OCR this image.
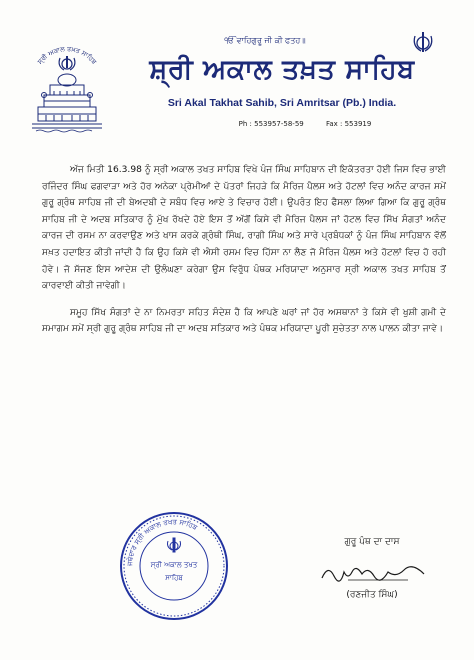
ੴ ਵਾਹਿਗੁਰੂ ਜੀ ਕੀ ਫਤਹ॥
ਸ੍ਰੀ ਅਕਾਲ ਤਖ਼ਤ ਸਾਹਿਬ	ਸ਼੍ਰੀ ਅਕਾਲ ਤਖ਼ਤ ਸਾਹਿਬ
Sri Akal Takhat Sahib, Sri Amritsar (Pb.) India.
Ph : 553957-58-59	Fax : 553919

ਅੱਜ ਮਿਤੀ 16.3.98 ਨੂੰ ਸ੍ਰੀ ਅਕਾਲ ਤਖਤ ਸਾਹਿਬ ਵਿਖੇ ਪੰਜ ਸਿੰਘ ਸਾਹਿਬਾਨ ਦੀ ਇਕੱਤਰਤਾ ਹੋਈ ਜਿਸ ਵਿਚ ਭਾਈ ਰਜਿੰਦਰ ਸਿੰਘ ਫਗਵਾੜਾ ਅਤੇ ਹੋਰ ਅਨੇਕਾ ਪ੍ਰੇਮੀਆਂ ਦੇ ਪੱਤਰਾਂ ਜਿਹੜੇ ਕਿ ਮੈਰਿਜ ਪੈਲਸ ਅਤੇ ਹੋਟਲਾਂ ਵਿਚ ਅਨੰਦ ਕਾਰਜ ਸਮੇਂ ਗੁਰੂ ਗ੍ਰੰਥ ਸਾਹਿਬ ਜੀ ਦੀ ਬੇਅਦਬੀ ਦੇ ਸਬੰਧ ਵਿਚ ਆਏ ਤੇ ਵਿਚਾਰ ਹੋਈ। ਉਪਰੰਤ ਇਹ ਫੈਸਲਾ ਲਿਆ ਗਿਆ ਕਿ ਗੁਰੂ ਗ੍ਰੰਥ ਸਾਹਿਬ ਜੀ ਦੇ ਅਦਬ ਸਤਿਕਾਰ ਨੂੰ ਮੁੱਖ ਰੱਖਦੇ ਹੋਏ ਇਸ ਤੋਂ ਅੱਗੋਂ ਕਿਸੇ ਵੀ ਮੈਰਿਜ ਪੈਲਸ ਜਾਂ ਹੋਟਲ ਵਿਚ ਸਿੱਖ ਸੰਗਤਾਂ ਅਨੰਦ ਕਾਰਜ ਦੀ ਰਸਮ ਨਾ ਕਰਵਾਉਣ ਅਤੇ ਖਾਸ ਕਰਕੇ ਗ੍ਰੰਥੀ ਸਿੰਘ, ਰਾਗੀ ਸਿੰਘ ਅਤੇ ਸਾਰੇ ਪ੍ਰਬੰਧਕਾਂ ਨੂੰ ਪੰਜ ਸਿੰਘ ਸਾਹਿਬਾਨ ਵੱਲੋਂ ਸਖ਼ਤ ਹਦਾਇਤ ਕੀਤੀ ਜਾਂਦੀ ਹੈ ਕਿ ਉਹ ਕਿਸੇ ਵੀ ਐਸੀ ਰਸਮ ਵਿਚ ਹਿੱਸਾ ਨਾ ਲੈਣ ਜੋ ਮੈਰਿਜ ਪੈਲਸ ਅਤੇ ਹੋਟਲਾਂ ਵਿਚ ਹੋ ਰਹੀ ਹੋਵੇ। ਜੋ ਸੱਜਣ ਇਸ ਆਦੇਸ਼ ਦੀ ਉਲੰਘਣਾ ਕਰੇਗਾ ਉਸ ਵਿਰੁੱਧ ਪੰਥਕ ਮਰਿਯਾਦਾ ਅਨੁਸਾਰ ਸ੍ਰੀ ਅਕਾਲ ਤਖਤ ਸਾਹਿਬ ਤੋਂ ਕਾਰਵਾਈ ਕੀਤੀ ਜਾਵੇਗੀ।

ਸਮੂਹ ਸਿੱਖ ਸੰਗਤਾਂ ਦੇ ਨਾ ਨਿਮਰਤਾ ਸਹਿਤ ਸੰਦੇਸ਼ ਹੈ ਕਿ ਆਪਣੇ ਘਰਾਂ ਜਾਂ ਹੋਰ ਅਸਥਾਨਾਂ ਤੇ ਕਿਸੇ ਵੀ ਖੁਸ਼ੀ ਗਮੀ ਦੇ ਸਮਾਗਮ ਸਮੇਂ ਸ੍ਰੀ ਗੁਰੂ ਗ੍ਰੰਥ ਸਾਹਿਬ ਜੀ ਦਾ ਅਦਬ ਸਤਿਕਾਰ ਅਤੇ ਪੰਥਕ ਮਰਿਯਾਦਾ ਪੂਰੀ ਸੁਚੇਤਤਾ ਨਾਲ ਪਾਲਨ ਕੀਤਾ ਜਾਵੇ।

ਜਥੇਦਾਰ ਸ੍ਰੀ ਅਕਾਲ ਤਖਤ ਸਾਹਿਬ
ਸ੍ਰੀ ਅਕਾਲ ਤਖਤ
ਸਾਹਿਬ
ਗੁਰੂ ਪੰਥ ਦਾ ਦਾਸ
(ਰਣਜੀਤ ਸਿੰਘ)
